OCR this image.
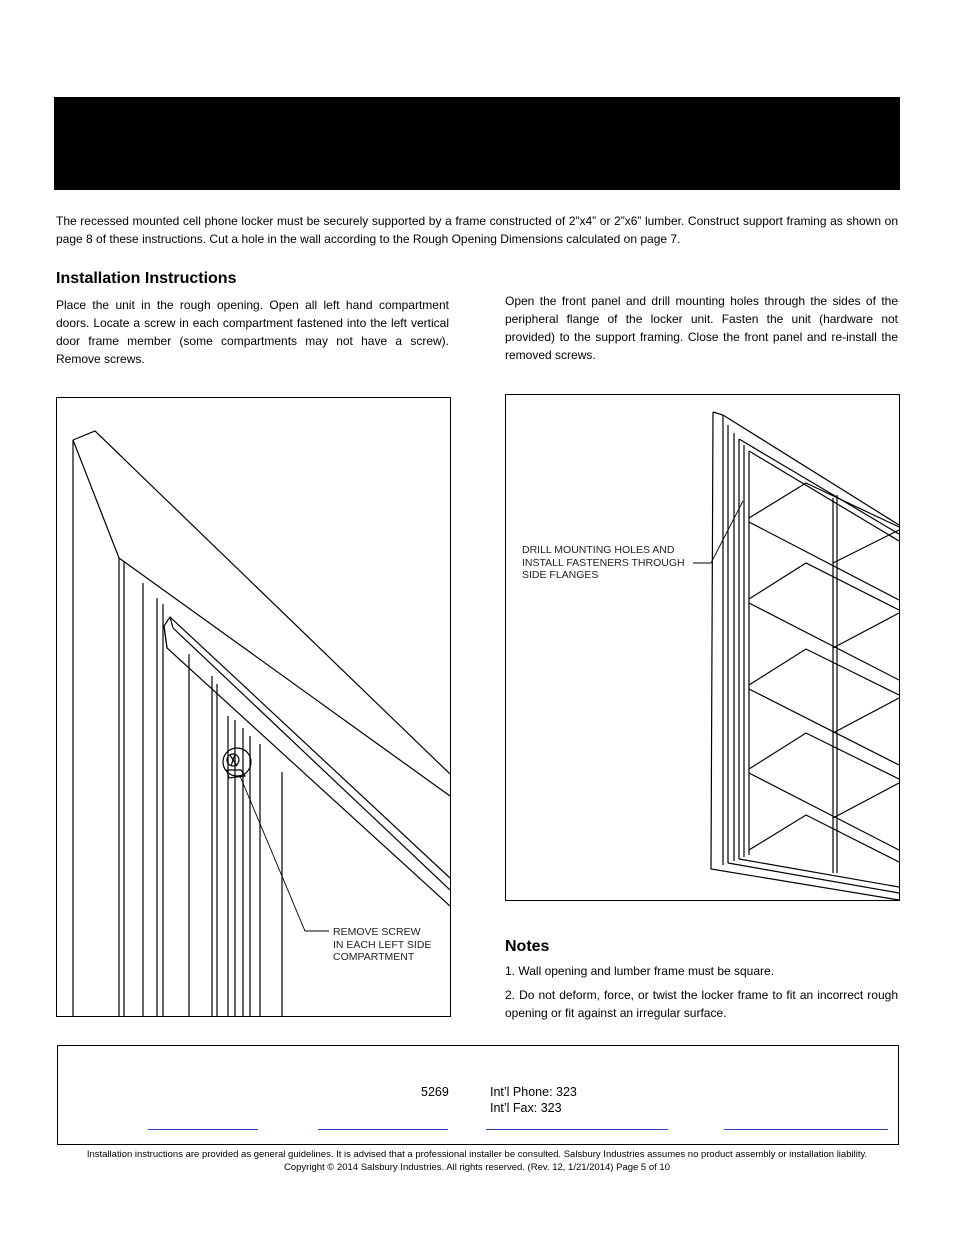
The recessed mounted cell phone locker must be securely supported by a frame constructed of 2”x4” or 2”x6” lumber. Construct support framing as shown on page 8 of these instructions. Cut a hole in the wall according to the Rough Opening Dimensions calculated on page 7.

Installation Instructions

Place the unit in the rough opening. Open all left hand compartment doors. Locate a screw in each compartment fastened into the left vertical door frame member (some compartments may not have a screw). Remove screws.

Open the front panel and drill mounting holes through the sides of the peripheral flange of the locker unit. Fasten the unit (hardware not provided) to the support framing. Close the front panel and re-install the removed screws.

REMOVE SCREW
IN EACH LEFT SIDE
COMPARTMENT
DRILL MOUNTING HOLES AND
INSTALL FASTENERS THROUGH
SIDE FLANGES
Notes

1. Wall opening and lumber frame must be square.

2. Do not deform, force, or twist the locker frame to fit an incorrect rough opening or fit against an irregular surface.

5269	Int’l Phone: 323
Int’l Fax: 323
Installation instructions are provided as general guidelines. It is advised that a professional installer be consulted. Salsbury Industries assumes no product assembly or installation liability.
Copyright © 2014 Salsbury Industries. All rights reserved. (Rev. 12, 1/21/2014) Page 5 of 10
